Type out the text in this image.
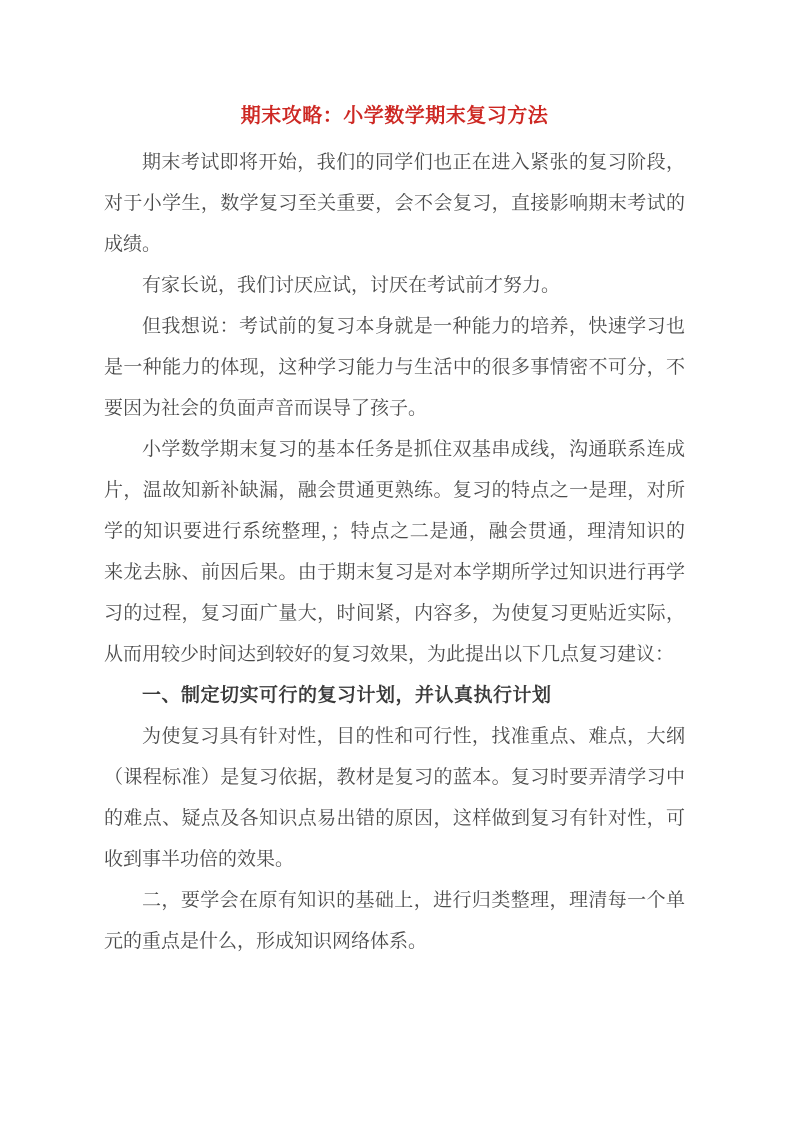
期末攻略：小学数学期末复习方法
期末考试即将开始，我们的同学们也正在进入紧张的复习阶段，
对于小学生，数学复习至关重要，会不会复习，直接影响期末考试的
成绩。
有家长说，我们讨厌应试，讨厌在考试前才努力。
但我想说：考试前的复习本身就是一种能力的培养，快速学习也
是一种能力的体现，这种学习能力与生活中的很多事情密不可分，不
要因为社会的负面声音而误导了孩子。
小学数学期末复习的基本任务是抓住双基串成线，沟通联系连成
片，温故知新补缺漏，融会贯通更熟练。复习的特点之一是理，对所
学的知识要进行系统整理，；特点之二是通，融会贯通，理清知识的
来龙去脉、前因后果。由于期末复习是对本学期所学过知识进行再学
习的过程，复习面广量大，时间紧，内容多，为使复习更贴近实际，
从而用较少时间达到较好的复习效果，为此提出以下几点复习建议：
一、制定切实可行的复习计划，并认真执行计划
为使复习具有针对性，目的性和可行性，找准重点、难点，大纲
（课程标准）是复习依据，教材是复习的蓝本。复习时要弄清学习中
的难点、疑点及各知识点易出错的原因，这样做到复习有针对性，可
收到事半功倍的效果。
二，要学会在原有知识的基础上，进行归类整理，理清每一个单
元的重点是什么，形成知识网络体系。
